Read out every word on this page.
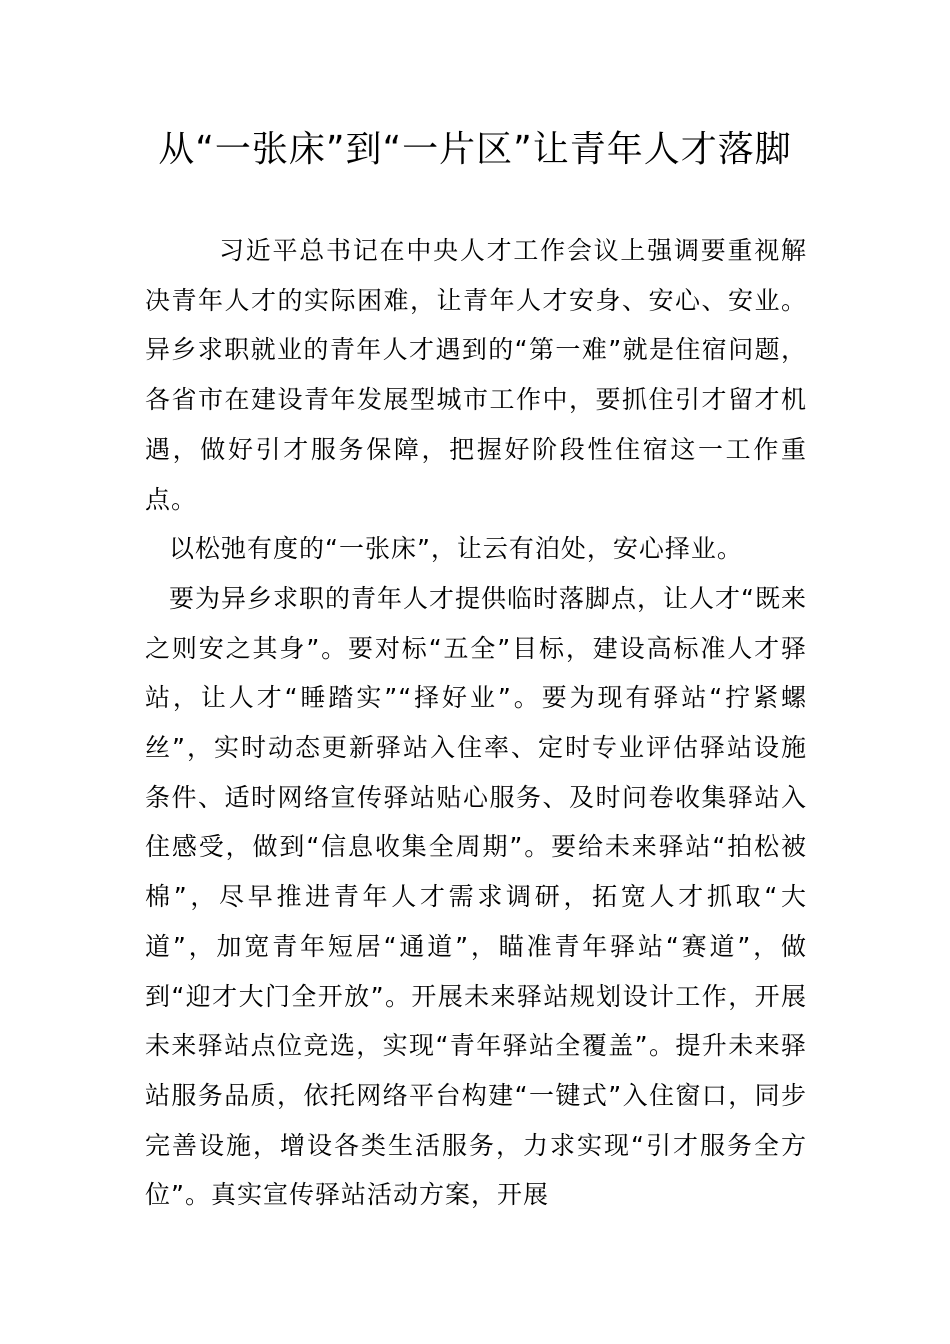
从“一张床”到“一片区”让青年人才落脚

习近平总书记在中央人才工作会议上强调要重视解决青年人才的实际困难，让青年人才安身、安心、安业。异乡求职就业的青年人才遇到的“第一难”就是住宿问题，各省市在建设青年发展型城市工作中，要抓住引才留才机遇，做好引才服务保障，把握好阶段性住宿这一工作重点。

以松弛有度的“一张床”，让云有泊处，安心择业。

要为异乡求职的青年人才提供临时落脚点，让人才“既来之则安之其身”。要对标“五全”目标，建设高标准人才驿站，让人才“睡踏实”“择好业”。要为现有驿站“拧紧螺丝”，实时动态更新驿站入住率、定时专业评估驿站设施条件、适时网络宣传驿站贴心服务、及时问卷收集驿站入住感受，做到“信息收集全周期”。要给未来驿站“拍松被棉”，尽早推进青年人才需求调研，拓宽人才抓取“大道”，加宽青年短居“通道”，瞄准青年驿站“赛道”，做到“迎才大门全开放”。开展未来驿站规划设计工作，开展未来驿站点位竞选，实现“青年驿站全覆盖”。提升未来驿站服务品质，依托网络平台构建“一键式”入住窗口，同步完善设施，增设各类生活服务，力求实现“引才服务全方位”。真实宣传驿站活动方案，开展
